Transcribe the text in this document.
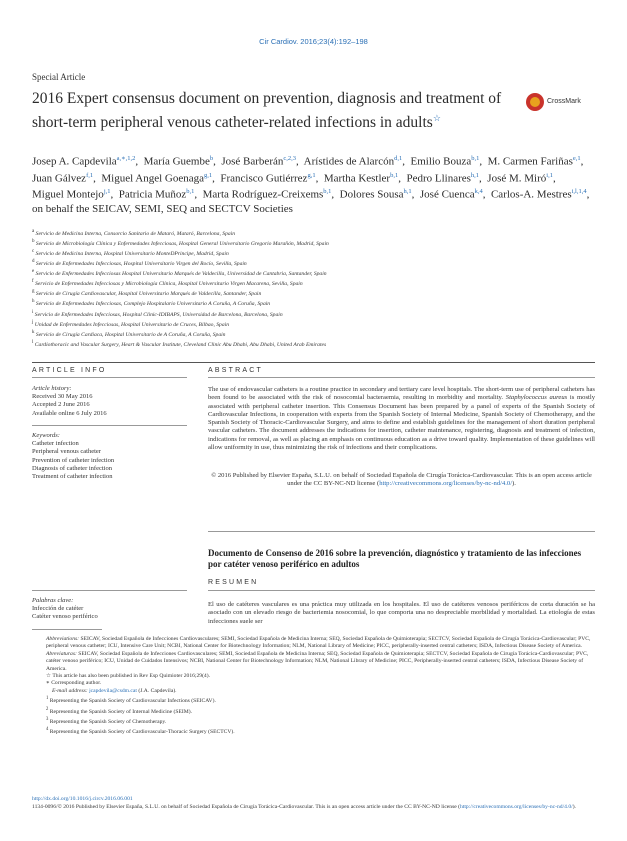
Cir Cardiov. 2016;23(4):192–198
Special Article
2016 Expert consensus document on prevention, diagnosis and treatment of short-term peripheral venous catheter-related infections in adults☆
CrossMark
Josep A. Capdevila$^{a,∗,1,2}$,  María Guembe$^b$,  José Barberán$^{c,2,3}$,  Arístides de Alarcón$^{d,1}$,  Emilio Bouza$^{b,1}$,  M. Carmen Fariñas$^{e,1}$,  Juan Gálvez$^{f,1}$,  Miguel Angel Goenaga$^{g,1}$,  Francisco Gutiérrez$^{g,1}$,  Martha Kestler$^{b,1}$,  Pedro Llinares$^{h,1}$,  José M. Miró$^{i,1}$,  Miguel Montejo$^{j,1}$,  Patricia Muñoz$^{b,1}$,  Marta Rodríguez-Creixems$^{b,1}$,  Dolores Sousa$^{h,1}$,  José Cuenca$^{k,4}$,  Carlos-A. Mestres$^{i,l,1,4}$, on behalf the SEICAV, SEMI, SEQ and SECTCV Societies
$^a$ Servicio de Medicina Interna, Consorcio Sanitario de Mataró, Mataró, Barcelona, Spain
$^b$ Servicio de Microbiología Clínica y Enfermedades Infecciosas, Hospital General Universitario Gregorio Marañón, Madrid, Spain
$^c$ Servicio de Medicina Interna, Hospital Universitario MonteDPrincipe, Madrid, Spain
$^d$ Servicio de Enfermedades Infecciosas, Hospital Universitario Virgen del Rocío, Sevilla, Spain
$^e$ Servicio de Enfermedades Infecciosas Hospital Universitario Marqués de Valdecilla, Universidad de Cantabria, Santander, Spain
$^f$ Servicio de Enfermedades Infecciosas y Microbiología Clínica, Hospital Universitario Virgen Macarena, Sevilla, Spain
$^g$ Servicio de Cirugía Cardiovascular, Hospital Universitario Marqués de Valdecilla, Santander, Spain
$^h$ Servicio de Enfermedades Infecciosas, Complejo Hospitalario Universitario A Coruña, A Coruña, Spain
$^i$ Servicio de Enfermedades Infecciosas, Hospital Clinic-IDIBAPS, Universidad de Barcelona, Barcelona, Spain
$^j$ Unidad de Enfermedades Infecciosas, Hospital Universitario de Cruces, Bilbao, Spain
$^k$ Servicio de Cirugía Cardiaca, Hospital Universitario de A Coruña, A Coruña, Spain
$^l$ Cardiothoracic and Vascular Surgery, Heart & Vascular Institute, Cleveland Clinic Abu Dhabi, Abu Dhabi, United Arab Emirates
ARTICLE INFO	ABSTRACT
Article history:
Received 30 May 2016
Accepted 2 June 2016
Available online 6 July 2016
Keywords:
Catheter infection
Peripheral venous catheter
Prevention of catheter infection
Diagnosis of catheter infection
Treatment of catheter infection
The use of endovascular catheters is a routine practice in secondary and tertiary care level hospitals. The short-term use of peripheral catheters has been found to be associated with the risk of nosocomial bacteraemia, resulting in morbidity and mortality. Staphylococcus aureus is mostly associated with peripheral catheter insertion. This Consensus Document has been prepared by a panel of experts of the Spanish Society of Cardiovascular Infections, in cooperation with experts from the Spanish Society of Internal Medicine, Spanish Society of Chemotherapy, and the Spanish Society of Thoracic-Cardiovascular Surgery, and aims to define and establish guidelines for the management of short duration peripheral vascular catheters. The document addresses the indications for insertion, catheter maintenance, registering, diagnosis and treatment of infection, indications for removal, as well as placing an emphasis on continuous education as a drive toward quality. Implementation of these guidelines will allow uniformity in use, thus minimizing the risk of infections and their complications.
© 2016 Published by Elsevier España, S.L.U. on behalf of Sociedad Española de Cirugía Torácica-Cardiovascular. This is an open access article under the CC BY-NC-ND license (http://creativecommons.org/licenses/by-nc-nd/4.0/).
Documento de Consenso de 2016 sobre la prevención, diagnóstico y tratamiento de las infecciones por catéter venoso periférico en adultos
RESUMEN
Palabras clave:
Infección de catéter
Catéter venoso periférico
El uso de catéteres vasculares es una práctica muy utilizada en los hospitales. El uso de catéteres venosos periféricos de corta duración se ha asociado con un elevado riesgo de bacteriemia nosocomial, lo que comporta una no despreciable morbilidad y mortalidad. La etiología de estas infecciones suele ser

Abbreviations: SEICAV, Sociedad Española de Infecciones Cardiovasculares; SEMI, Sociedad Española de Medicina Interna; SEQ, Sociedad Española de Quimioterapia; SECTCV, Sociedad Española de Cirugía Torácica-Cardiovascular; PVC, peripheral venous catheter; ICU, Intensive Care Unit; NCBI, National Center for Biotechnology Information; NLM, National Library of Medicine; PICC, peripherally-inserted central catheters; ISDA, Infectious Disease Society of America.

Abreviaturas: SEICAV, Sociedad Española de Infecciones Cardiovasculares; SEMI, Sociedad Española de Medicina Interna; SEQ, Sociedad Española de Quimioterapia; SECTCV, Sociedad Española de Cirugía Torácica-Cardiovascular; PVC, catéter venoso periférico; ICU, Unidad de Cuidados Intensivos; NCBI, National Center for Biotechnology Information; NLM, National Library of Medicine; PICC, Peripherally-inserted central catheters; ISDA, Infectious Disease Society of America.

☆ This article has also been published in Rev Esp Quimioter 2016;29(4).

∗ Corresponding author.

E-mail address: jcapdevila@csdm.cat (J.A. Capdevila).

$^1$ Representing the Spanish Society of Cardiovascular Infections (SEICAV).

$^2$ Representing the Spanish Society of Internal Medicine (SEIM).

$^3$ Representing the Spanish Society of Chemotherapy.

$^4$ Representing the Spanish Society of Cardiovascular-Thoracic Surgery (SECTCV).

http://dx.doi.org/10.1016/j.circv.2016.06.001

1134-0096/© 2016 Published by Elsevier España, S.L.U. on behalf of Sociedad Española de Cirugía Torácica-Cardiovascular. This is an open access article under the CC BY-NC-ND license (http://creativecommons.org/licenses/by-nc-nd/4.0/).
